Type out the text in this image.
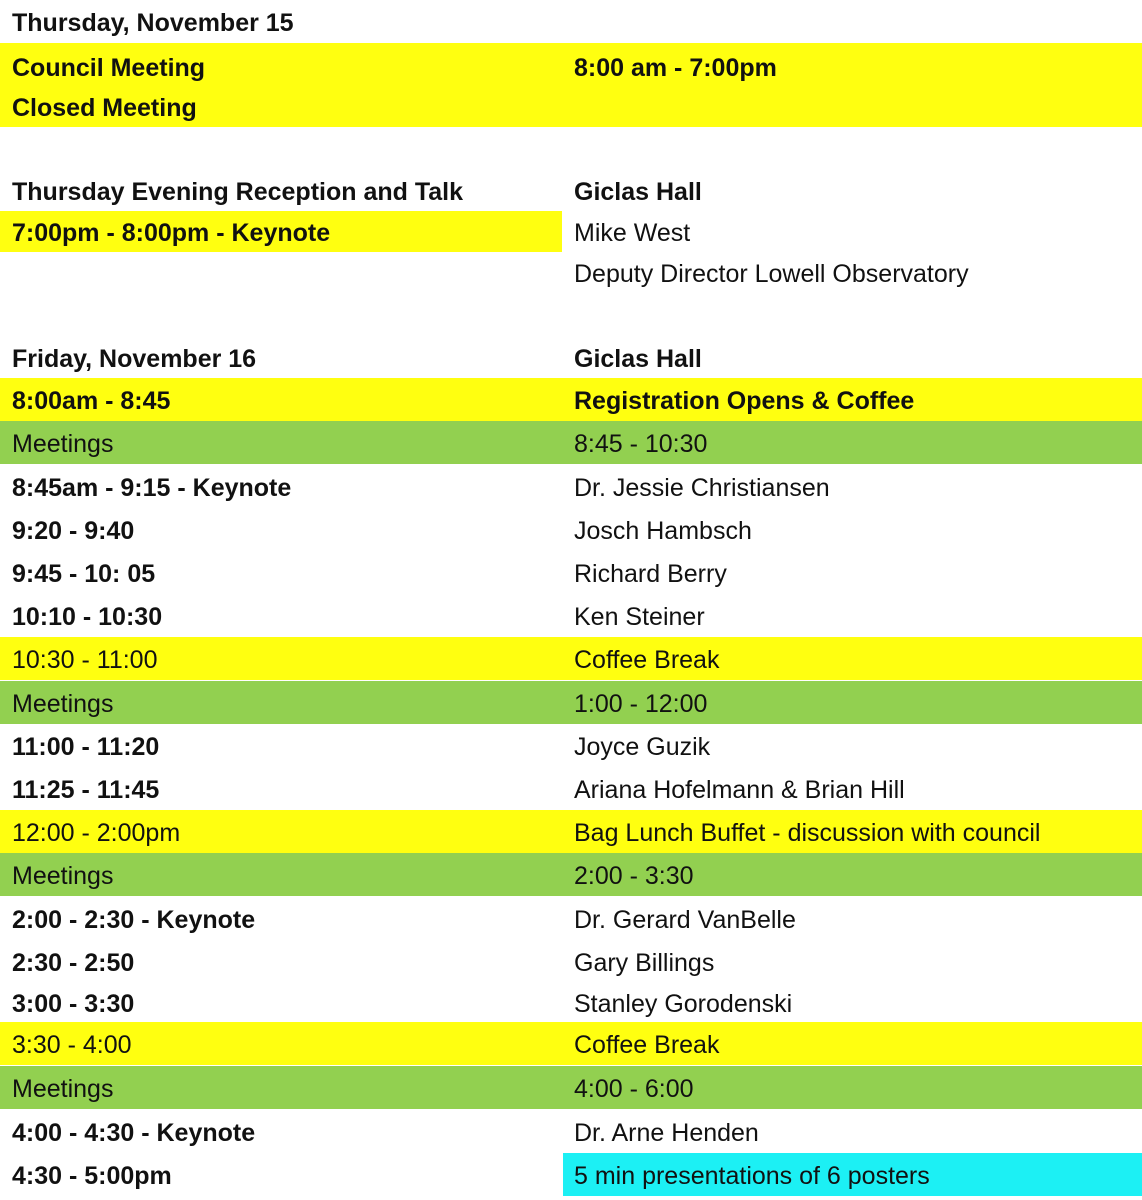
Thursday, November 15
Council Meeting	8:00 am - 7:00pm
Closed Meeting
Thursday Evening Reception and Talk	Giclas Hall
7:00pm - 8:00pm - Keynote	Mike West
Deputy Director Lowell Observatory
Friday, November 16	Giclas Hall
8:00am - 8:45	Registration Opens & Coffee
Meetings	8:45 - 10:30
8:45am - 9:15 - Keynote	Dr. Jessie Christiansen
9:20 - 9:40	Josch Hambsch
9:45 - 10: 05	Richard Berry
10:10 - 10:30	Ken Steiner
10:30 - 11:00	Coffee Break
Meetings	1:00 - 12:00
11:00 - 11:20	Joyce Guzik
11:25 - 11:45	Ariana Hofelmann & Brian Hill
12:00 - 2:00pm	Bag Lunch Buffet - discussion with council
Meetings	2:00 - 3:30
2:00 - 2:30 - Keynote	Dr. Gerard VanBelle
2:30 - 2:50	Gary Billings
3:00 - 3:30	Stanley Gorodenski
3:30 - 4:00	Coffee Break
Meetings	4:00 - 6:00
4:00 - 4:30 - Keynote	Dr. Arne Henden
4:30 - 5:00pm	5 min presentations of 6 posters
